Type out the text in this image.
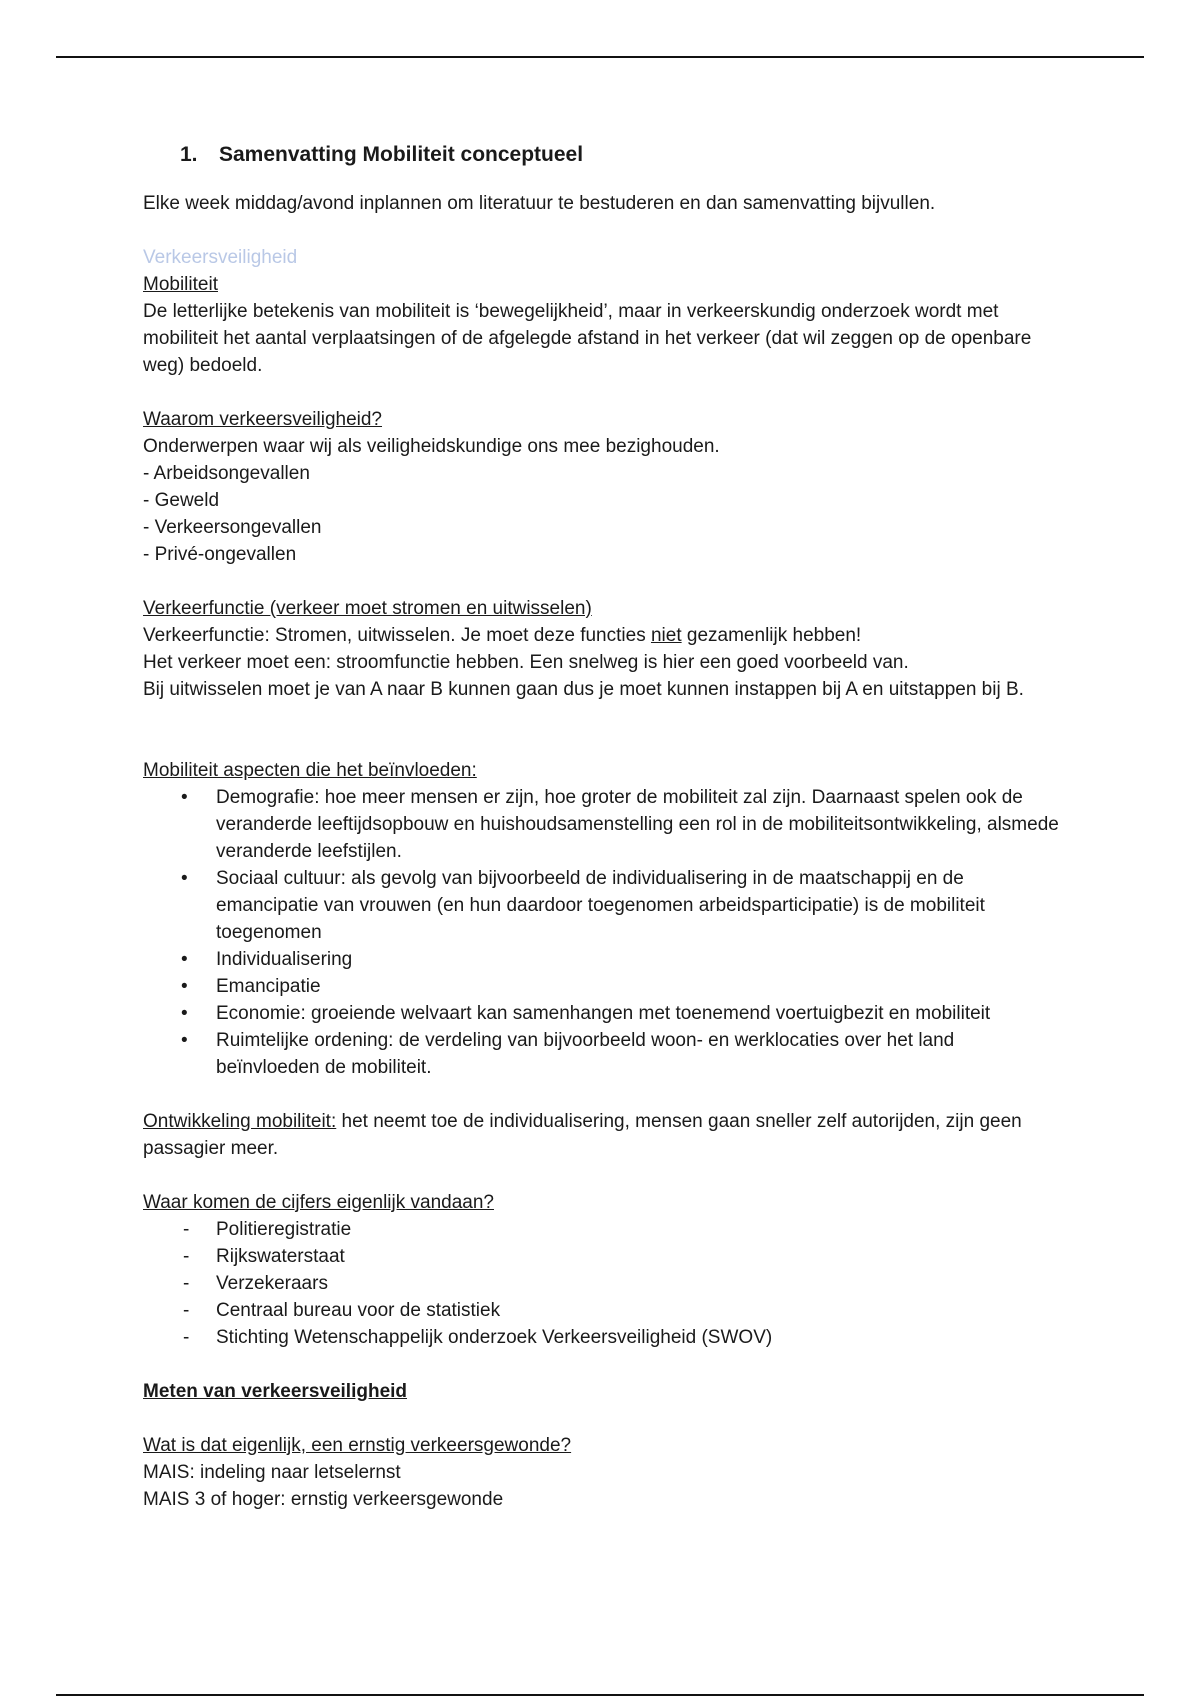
1. Samenvatting Mobiliteit conceptueel

Elke week middag/avond inplannen om literatuur te bestuderen en dan samenvatting bijvullen.

Verkeersveiligheid

Mobiliteit

De letterlijke betekenis van mobiliteit is ‘bewegelijkheid’, maar in verkeerskundig onderzoek wordt met mobiliteit het aantal verplaatsingen of de afgelegde afstand in het verkeer (dat wil zeggen op de openbare weg) bedoeld.

Waarom verkeersveiligheid?

Onderwerpen waar wij als veiligheidskundige ons mee bezighouden.

- Arbeidsongevallen

- Geweld

- Verkeersongevallen

- Privé-ongevallen

Verkeerfunctie (verkeer moet stromen en uitwisselen)

Verkeerfunctie: Stromen, uitwisselen. Je moet deze functies niet gezamenlijk hebben!

Het verkeer moet een: stroomfunctie hebben. Een snelweg is hier een goed voorbeeld van.

Bij uitwisselen moet je van A naar B kunnen gaan dus je moet kunnen instappen bij A en uitstappen bij B.

Mobiliteit aspecten die het beïnvloeden:

• Demografie: hoe meer mensen er zijn, hoe groter de mobiliteit zal zijn. Daarnaast spelen ook de veranderde leeftijdsopbouw en huishoudsamenstelling een rol in de mobiliteitsontwikkeling, alsmede veranderde leefstijlen.
• Sociaal cultuur: als gevolg van bijvoorbeeld de individualisering in de maatschappij en de emancipatie van vrouwen (en hun daardoor toegenomen arbeidsparticipatie) is de mobiliteit toegenomen
• Individualisering
• Emancipatie
• Economie: groeiende welvaart kan samenhangen met toenemend voertuigbezit en mobiliteit
• Ruimtelijke ordening: de verdeling van bijvoorbeeld woon- en werklocaties over het land beïnvloeden de mobiliteit.

Ontwikkeling mobiliteit: het neemt toe de individualisering, mensen gaan sneller zelf autorijden, zijn geen passagier meer.

Waar komen de cijfers eigenlijk vandaan?

- Politieregistratie
- Rijkswaterstaat
- Verzekeraars
- Centraal bureau voor de statistiek
- Stichting Wetenschappelijk onderzoek Verkeersveiligheid (SWOV)

Meten van verkeersveiligheid

Wat is dat eigenlijk, een ernstig verkeersgewonde?

MAIS: indeling naar letselernst

MAIS 3 of hoger: ernstig verkeersgewonde
